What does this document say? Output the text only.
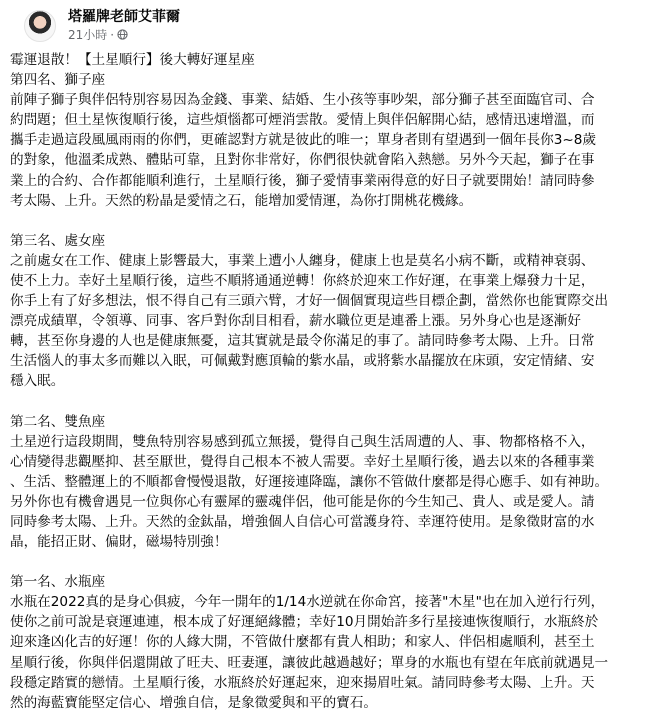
塔羅牌老師艾菲爾
21小時 ·

霉運退散！【土星順行】後大轉好運星座

第四名、獅子座

前陣子獅子與伴侶特別容易因為金錢、事業、結婚、生小孩等事吵架，部分獅子甚至面臨官司、合

約問題；但土星恢復順行後，這些煩惱都可煙消雲散。愛情上與伴侶解開心結，感情迅速增溫，而

攜手走過這段風風雨雨的你們，更確認對方就是彼此的唯一；單身者則有望遇到一個年長你3~8歲

的對象，他溫柔成熟、體貼可靠，且對你非常好，你們很快就會陷入熱戀。另外今天起，獅子在事

業上的合約、合作都能順利進行，土星順行後，獅子愛情事業兩得意的好日子就要開始！請同時參

考太陽、上升。天然的粉晶是愛情之石，能增加愛情運，為你打開桃花機緣。

第三名、處女座

之前處女在工作、健康上影響最大，事業上遭小人纏身，健康上也是莫名小病不斷，或精神衰弱、

使不上力。幸好土星順行後，這些不順將通通逆轉！你終於迎來工作好運，在事業上爆發力十足，

你手上有了好多想法，恨不得自己有三頭六臂，才好一個個實現這些目標企劃，當然你也能實際交出

漂亮成績單，令領導、同事、客戶對你刮目相看，薪水職位更是連番上漲。另外身心也是逐漸好

轉，甚至你身邊的人也是健康無憂，這其實就是最令你滿足的事了。請同時參考太陽、上升。日常

生活惱人的事太多而難以入眠，可佩戴對應頂輪的紫水晶，或將紫水晶擺放在床頭，安定情緒、安

穩入眠。

第二名、雙魚座

土星逆行這段期間，雙魚特別容易感到孤立無援，覺得自己與生活周遭的人、事、物都格格不入，

心情變得悲觀壓抑、甚至厭世，覺得自己根本不被人需要。幸好土星順行後，過去以來的各種事業

、生活、整體運上的不順都會慢慢退散，好運接連降臨，讓你不管做什麼都是得心應手、如有神助。

另外你也有機會遇見一位與你心有靈犀的靈魂伴侶，他可能是你的今生知己、貴人、或是愛人。請

同時參考太陽、上升。天然的金鈦晶，增強個人自信心可當護身符、幸運符使用。是象徵財富的水

晶，能招正財、偏財，磁場特別強！

第一名、水瓶座

水瓶在2022真的是身心俱疲，今年一開年的1/14水逆就在你命宮，接著"木星"也在加入逆行行列，

使你之前可說是衰運連連，根本成了好運絕緣體；幸好10月開始許多行星接連恢復順行，水瓶終於

迎來逢凶化吉的好運！你的人緣大開，不管做什麼都有貴人相助；和家人、伴侶相處順利，甚至土

星順行後，你與伴侶還開啟了旺夫、旺妻運，讓彼此越過越好；單身的水瓶也有望在年底前就遇見一

段穩定踏實的戀情。土星順行後，水瓶終於好運起來，迎來揚眉吐氣。請同時參考太陽、上升。天

然的海藍寶能堅定信心、增強自信，是象徵愛與和平的寶石。
